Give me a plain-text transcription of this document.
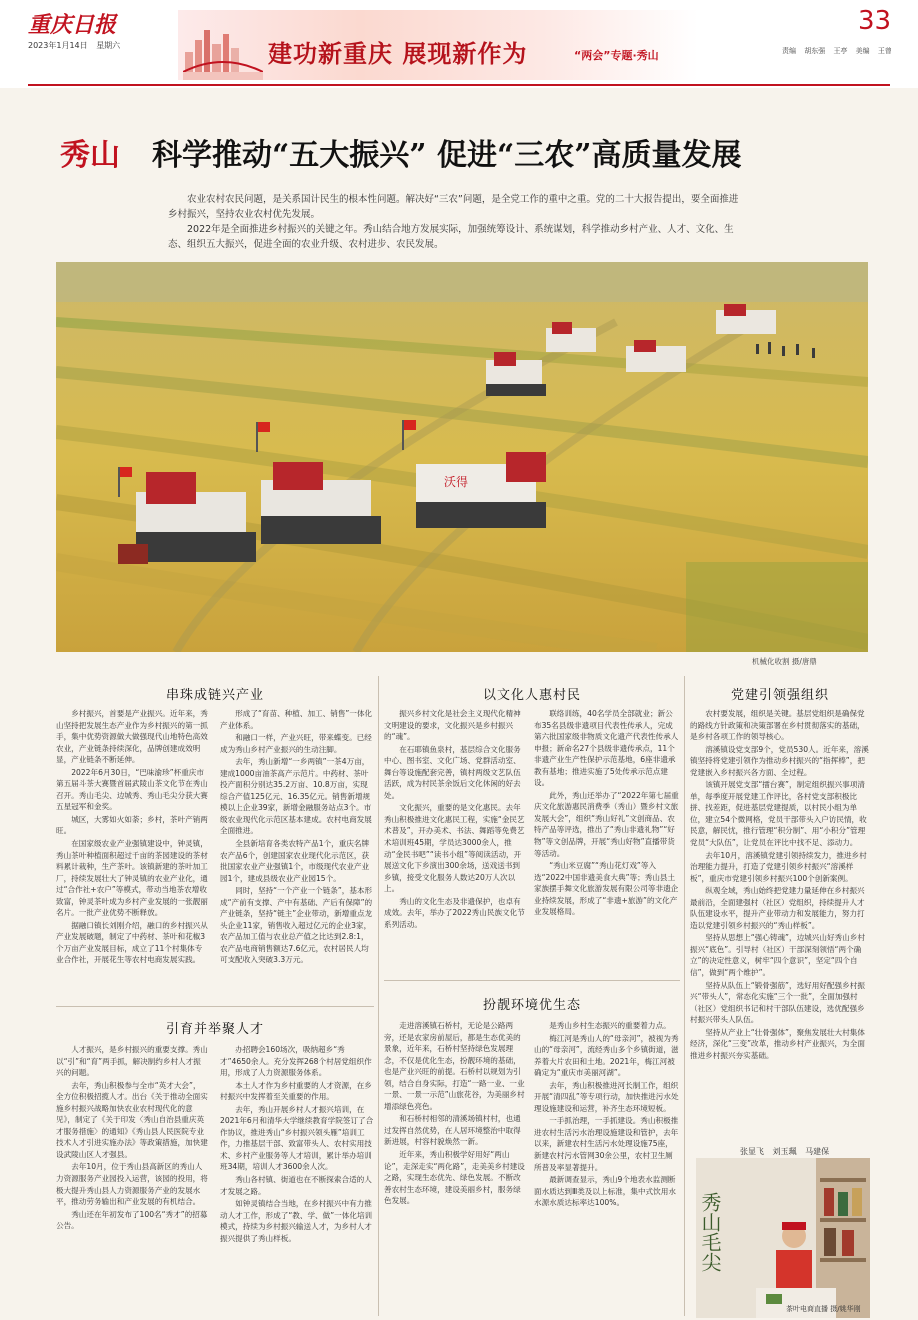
重庆日报
2023年1月14日 星期六	建功新重庆 展现新作为	“两会”专题·秀山
33
责编 胡东强 王亭 美编 王曾
秀山 科学推动“五大振兴” 促进“三农”高质量发展

农业农村农民问题，是关系国计民生的根本性问题。解决好“三农”问题，是全党工作的重中之重。党的二十大报告提出，要全面推进乡村振兴，坚持农业农村优先发展。

2022年是全面推进乡村振兴的关键之年。秀山结合地方发展实际，加强统筹设计、系统谋划，科学推动乡村产业、人才、文化、生态、组织五大振兴，促进全面的农业升级、农村进步、农民发展。

沃得
机械化收割 摄/唐鼎
串珠成链兴产业

乡村振兴，首要是产业振兴。近年来，秀山坚持把发展生态产业作为乡村振兴的第一抓手，集中优势资源做大做强现代山地特色高效农业，产业链条持续深化，品牌创建成效明显，产业链条不断延伸。

2022年6月30日，“巴味渝珍”杯重庆市第五届斗茶大赛暨首届武陵山茶文化节在秀山召开。秀山毛尖、边城秀、秀山毛尖分获大赛五星冠军和金奖。

城区，大雾如火如荼；乡村，茶叶产销两旺。

在国家级农业产业强镇建设中，钟灵镇，秀山茶叶种植面积超过千亩的茶园建设的茶材料累计栽种，生产茶叶。该镇新建的茶叶加工厂，持续发展壮大了钟灵镇的农业产业化，通过“合作社+农户”等模式，带动当地茶农增收致富，钟灵茶叶成为乡村产业发展的一张靓丽名片。一批产业优势不断释放。

据融口镇长刘刚介绍，融口的乡村振兴从产业发展破题，制定了中药材、茶叶和花椒3个万亩产业发展目标，成立了11个村集体专业合作社，开展花生等农村电商发展实践。

形成了“育苗、种植、加工、销售”一体化产业体系。

和融口一样，产业兴旺，带来蝶变。已经成为秀山乡村产业振兴的生动注脚。

去年，秀山新增“一乡两镇”一茶4万亩，建成1000亩油茶高产示范片。中药材、茶叶投产面积分别达35.2万亩、10.8万亩，实现综合产值125亿元、16.35亿元。销售新增规模以上企业39家，新增金融服务站点3个。市级农业现代化示范区基本建成。农村电商发展全面推进。

全县新培育各类农特产品1个，重庆名牌农产品6个，创建国家农业现代化示范区，获批国家农业产业强镇1个，市级现代农业产业园1个，建成县级农业产业园15个。

同时，坚持“一个产业一个链条”，基本形成“产前有支撑、产中有基础、产后有保障”的产业链条，坚持“链主”企业带动，新增重点龙头企业11家，销售收入超过亿元的企业3家，农产品加工值与农业总产值之比达到2.8:1，农产品电商销售额达7.6亿元，农村居民人均可支配收入突破3.3万元。

引育并举聚人才

人才振兴，是乡村振兴的重要支撑。秀山以“引”和“育”两手抓，解决制约乡村人才振兴的问题。

去年，秀山积极参与全市“英才大会”，全方位积极招揽人才。出台《关于推动全面实施乡村振兴战略加快农业农村现代化的意见》，制定了《关于印发〈秀山自治县重庆英才服务措施〉的通知》《秀山县人民医院专业技术人才引进实施办法》等政策措施，加快建设武陵山区人才强县。

去年10月，位于秀山县高新区的秀山人力资源服务产业园投入运营，该园的投用，将极大提升秀山县人力资源服务产业的发展水平，推动劳务输出和产业发展的有机结合。

秀山还在年初发布了100名“秀才”的招募公告。

办招聘会160场次，吸纳超乡“秀才”4650余人。充分发挥268个村居党组织作用，形成了人力资源服务体系。

本土人才作为乡村重要的人才资源，在乡村振兴中发挥着至关重要的作用。

去年，秀山开展乡村人才振兴培训，在2021年6月和清华大学继续教育学院签订了合作协议，推进秀山“乡村振兴领头雁”培训工作，力推基层干部、致富带头人、农村实用技术、乡村产业服务等人才培训，累计举办培训班34期，培训人才3600余人次。

秀山各村镇、街道也在不断探索合适的人才发展之路。

如钟灵镇结合当地，在乡村振兴中有力推动人才工作，形成了“教、学、做”一体化培训模式，持续为乡村振兴输送人才，为乡村人才振兴提供了秀山样板。

以文化人惠村民

振兴乡村文化是社会主义现代化精神文明建设的要求，文化振兴是乡村振兴的“魂”。

在石耶镇鱼泉村，基层综合文化服务中心、图书室、文化广场、党群活动室、舞台等设施配套完善，镇村两级文艺队伍活跃，成为村民茶余饭后文化休闲的好去处。

文化振兴，重要的是文化惠民。去年秀山积极推进文化惠民工程，实施“金民艺术普及”，开办美术、书法、舞蹈等免费艺术培训班45期，学员达3000余人，推动“金民书吧”“读书小组”等阅读活动，开展送文化下乡演出300余场，送戏送书到乡镇，接受文化服务人数达20万人次以上。

秀山的文化生态及非遗保护，也卓有成效。去年，举办了2022秀山民族文化节系列活动。

联络训练，40名学员全部就业；新公布35名县级非遗项目代表性传承人，完成第六批国家级非物质文化遗产代表性传承人申报；新命名27个县级非遗传承点，11个非遗产业生产性保护示范基地，6座非遗承教有基地；推进实施了5处传承示范点建设。

此外，秀山还举办了“2022年第七届重庆文化旅游惠民消费季（秀山）暨乡村文旅发展大会”，组织“秀山好礼”文创商品、农特产品等评选，推出了“秀山非遗礼物”“好物”等文创品牌，开展“秀山好物”直播带货等活动。

“秀山米豆腐”“秀山花灯戏”等入选“2022中国非遗美食大典”等；秀山县土家族摆手舞文化旅游发展有限公司等非遗企业持续发展，形成了“非遗+旅游”的文化产业发展格局。

扮靓环境优生态

走进溶溪镇石桥村，无论是公路两旁，还是农家房前屋后，都是生态优美的景象，近年来，石桥村坚持绿色发展理念，不仅是优化生态，扮靓环境的基础，也是产业兴旺的前提。石桥村以规划为引领，结合自身实际，打造“一路一业、一业一景、一景一示范”山旅花谷，为美丽乡村增添绿色亮色。

和石桥村相邻的清溪场镇村村，也通过发挥自然优势，在人居环境整治中取得新进展，村容村貌焕然一新。

近年来，秀山积极学好用好“两山论”，走深走实“两化路”，走美美乡村建设之路，实现生态优先、绿色发展。不断改善农村生态环境，建设美丽乡村，服务绿色发展。

是秀山乡村生态振兴的重要着力点。

梅江河是秀山人的“母亲河”，被视为秀山的“母亲河”，流经秀山多个乡镇街道，滋养着大片农田和土地。2021年，梅江河被确定为“重庆市美丽河湖”。

去年，秀山积极推进河长制工作，组织开展“清四乱”等专项行动，加快推进污水处理设施建设和运营，补齐生态环境短板。

一手抓治理，一手抓建设。秀山积极推进农村生活污水治理设施建设和管护，去年以来，新建农村生活污水处理设施75座，新建农村污水管网30余公里，农村卫生厕所普及率显著提升。

最新调查显示，秀山9个地表水监测断面水质达到Ⅲ类及以上标准，集中式饮用水水源水质达标率达100%。

党建引领强组织

农村要发展，组织是关键。基层党组织是确保党的路线方针政策和决策部署在乡村贯彻落实的基础，是乡村各项工作的领导核心。

溶溪镇设党支部9个，党员530人。近年来，溶溪镇坚持将党建引领作为推动乡村振兴的“指挥棒”，把党建嵌入乡村振兴各方面、全过程。

该镇开展党支部“擂台赛”，制定组织振兴事项清单，每季度开展党建工作评比，各村党支部积极比拼、找差距，促进基层党建提质，以村民小组为单位，建立54个微网格，党员干部带头入户访民情，收民意，解民忧，推行管理“积分制”、用“小积分”管理党员“大队伍”，让党员在评比中找不足、添动力。

去年10月，溶溪镇党建引领持续发力，推进乡村治理能力提升，打造了党建引领乡村振兴“溶溪样板”，重庆市党建引领乡村振兴100个创新案例。

纵观全域，秀山始终把党建力量延伸在乡村振兴最前沿，全面建强村（社区）党组织，持续提升人才队伍建设水平，提升产业带动力和发展能力，努力打造以党建引领乡村振兴的“秀山样板”。

坚持从思想上“强心铸魂”，边城兴山好秀山乡村振兴“底色”。引导村（社区）干部深刻领悟“两个确立”的决定性意义，树牢“四个意识”，坚定“四个自信”，做到“两个维护”。

坚持从队伍上“锻骨强筋”，选好用好配强乡村振兴“带头人”，常态化实施“三个一批”，全面加强村（社区）党组织书记和村干部队伍建设，选优配强乡村振兴带头人队伍。

坚持从产业上“壮骨强体”，聚焦发展壮大村集体经济，深化“三变”改革，推动乡村产业振兴，为全面推进乡村振兴夯实基础。

张显飞 刘玉珮 马建保
秀山毛尖
茶叶电商直播 摄/姚华刚
